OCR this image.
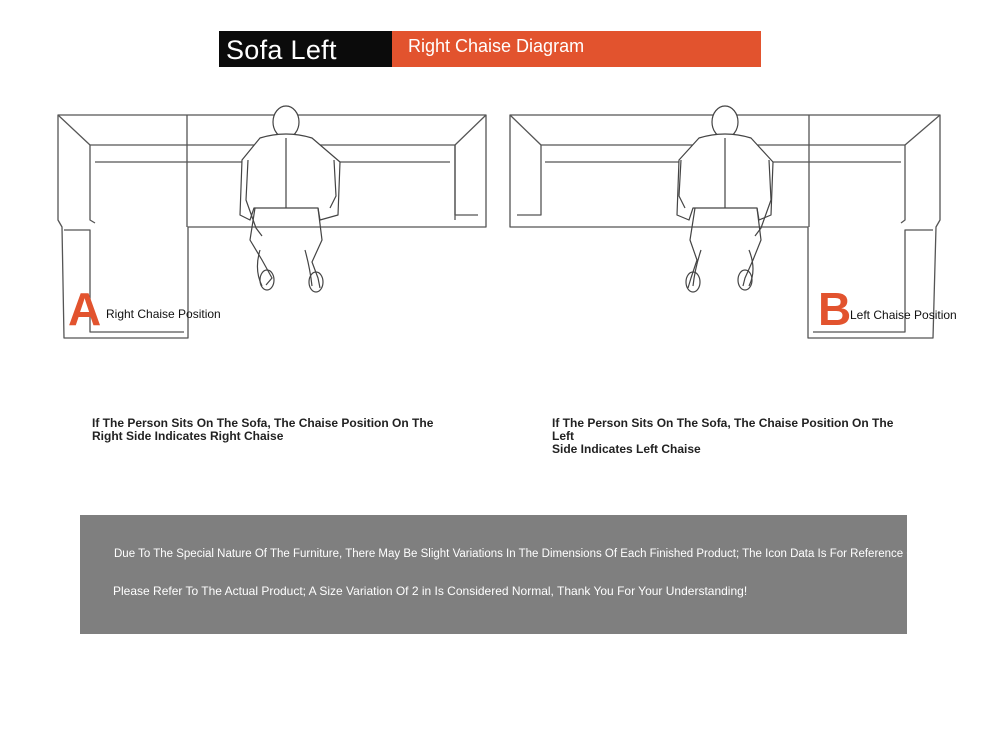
Sofa Left	Right Chaise Diagram
A Right Chaise Position	B
Left Chaise Position
If The Person Sits On The Sofa, The Chaise Position On The
Right Side Indicates Right Chaise
If The Person Sits On The Sofa, The Chaise Position On The Left
Side Indicates Left Chaise
Due To The Special Nature Of The Furniture, There May Be Slight Variations In The Dimensions Of Each Finished Product; The Icon Data Is For Reference Only
Please Refer To The Actual Product; A Size Variation Of 2 in Is Considered Normal, Thank You For Your Understanding!
